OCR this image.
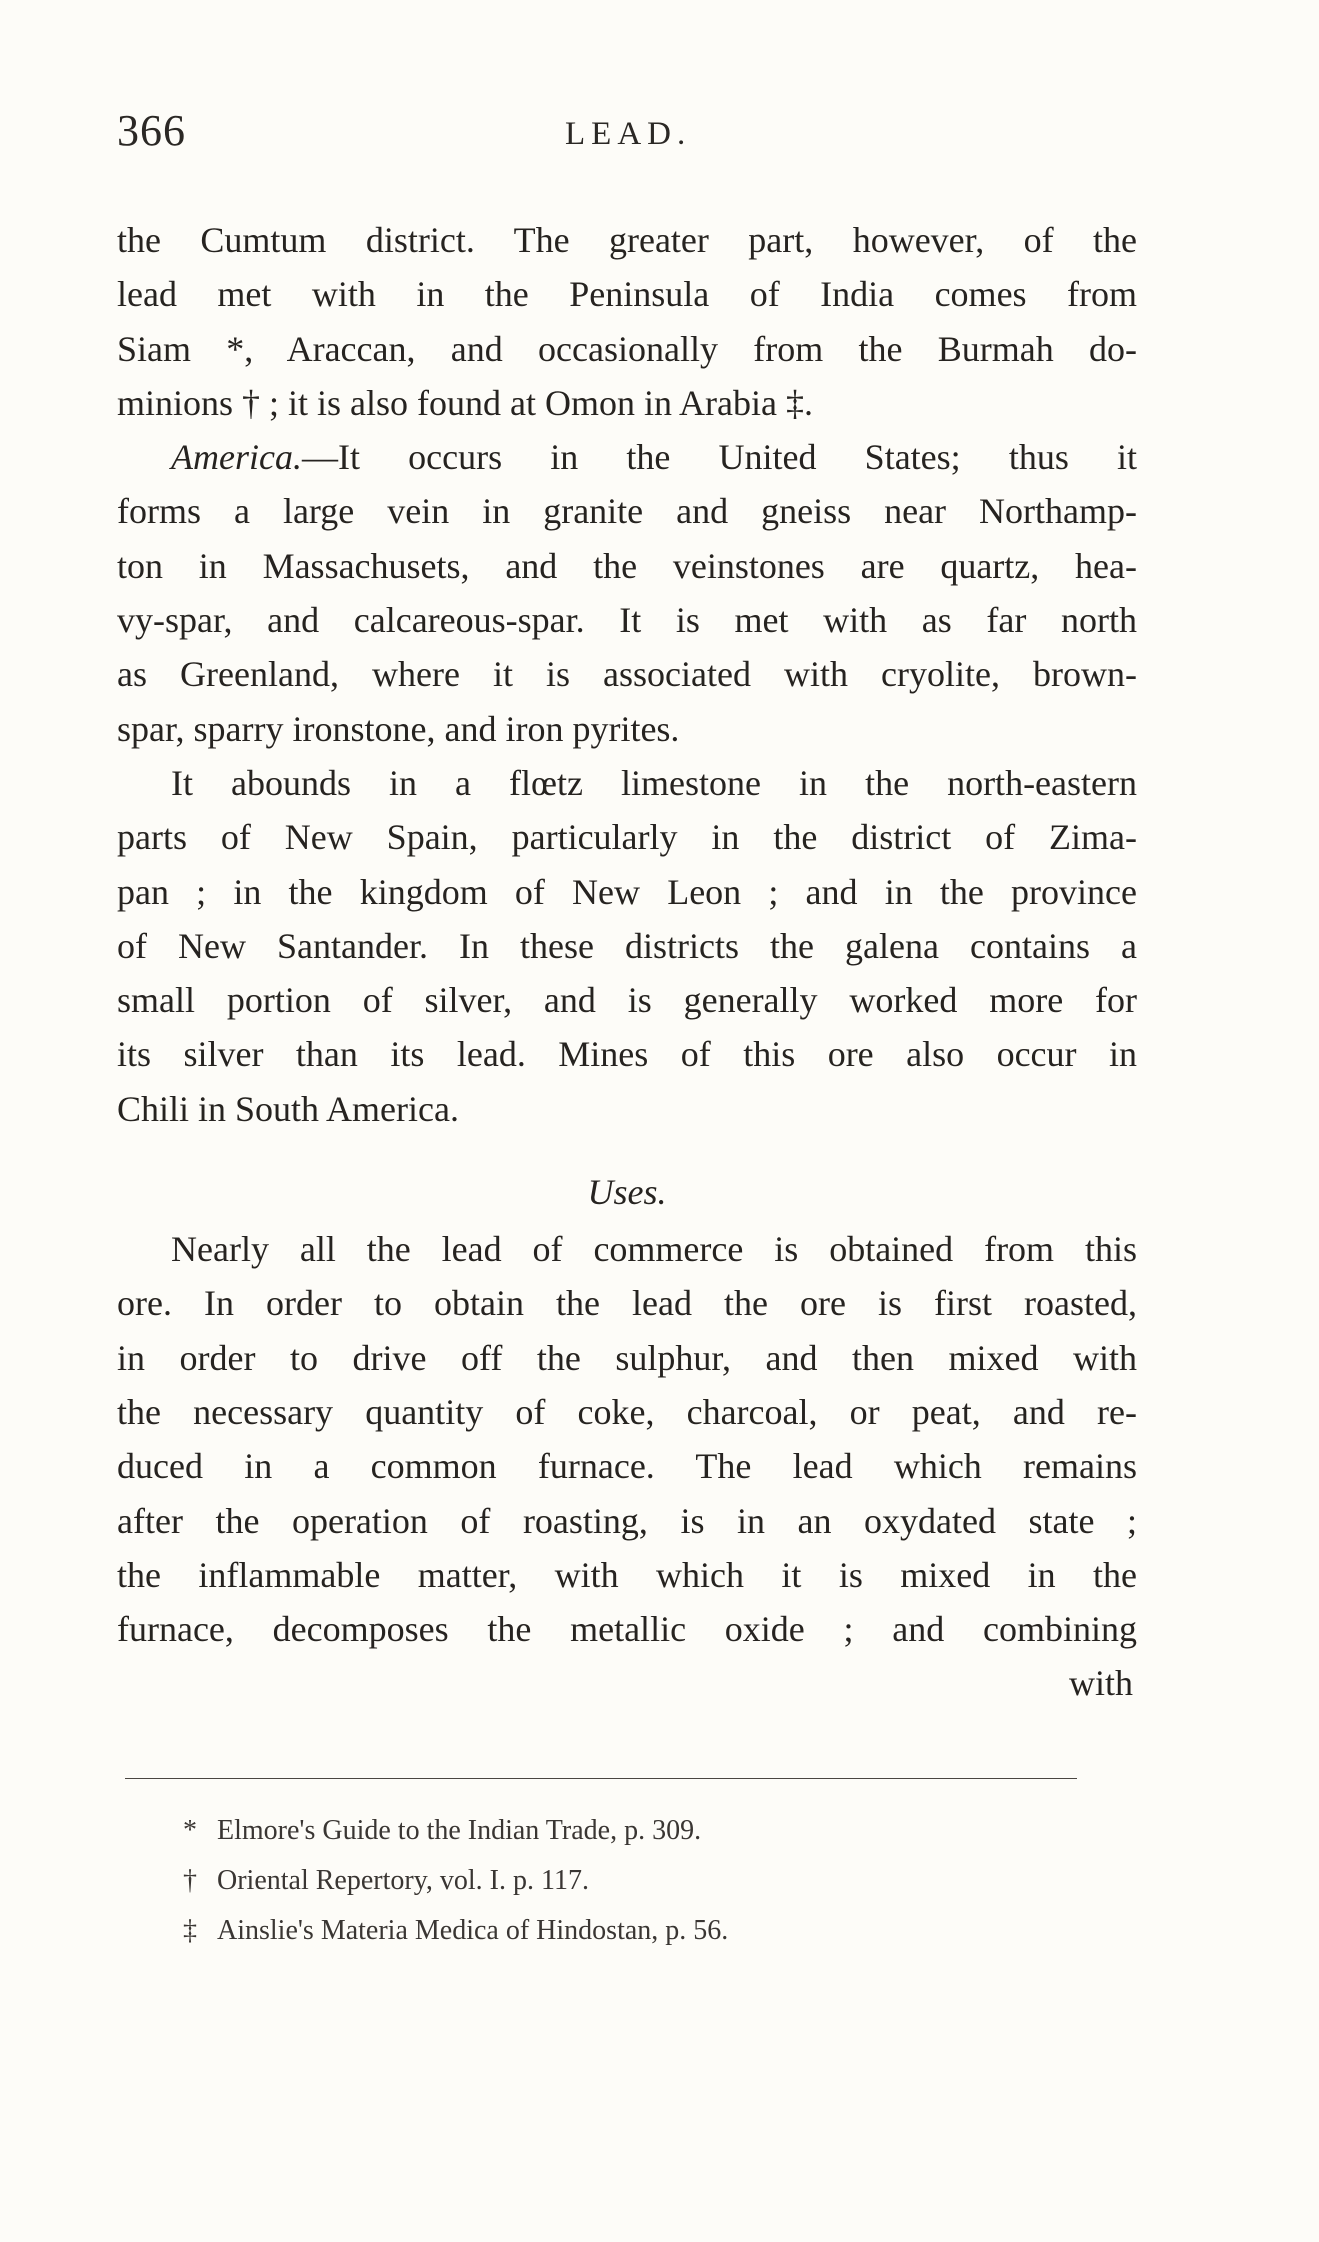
366	LEAD.
the Cumtum district. The greater part, however, of the
lead met with in the Peninsula of India comes from
Siam *, Araccan, and occasionally from the Burmah do-
minions † ; it is also found at Omon in Arabia ‡.
America.—It occurs in the United States; thus it
forms a large vein in granite and gneiss near Northamp-
ton in Massachusets, and the veinstones are quartz, hea-
vy-spar, and calcareous-spar. It is met with as far north
as Greenland, where it is associated with cryolite, brown-
spar, sparry ironstone, and iron pyrites.
It abounds in a flœtz limestone in the north-eastern
parts of New Spain, particularly in the district of Zima-
pan ; in the kingdom of New Leon ; and in the province
of New Santander. In these districts the galena contains a
small portion of silver, and is generally worked more for
its silver than its lead. Mines of this ore also occur in
Chili in South America.
Uses.
Nearly all the lead of commerce is obtained from this
ore. In order to obtain the lead the ore is first roasted,
in order to drive off the sulphur, and then mixed with
the necessary quantity of coke, charcoal, or peat, and re-
duced in a common furnace. The lead which remains
after the operation of roasting, is in an oxydated state ;
the inflammable matter, with which it is mixed in the
furnace, decomposes the metallic oxide ; and combining
with
* Elmore's Guide to the Indian Trade, p. 309.
† Oriental Repertory, vol. I. p. 117.
‡ Ainslie's Materia Medica of Hindostan, p. 56.
